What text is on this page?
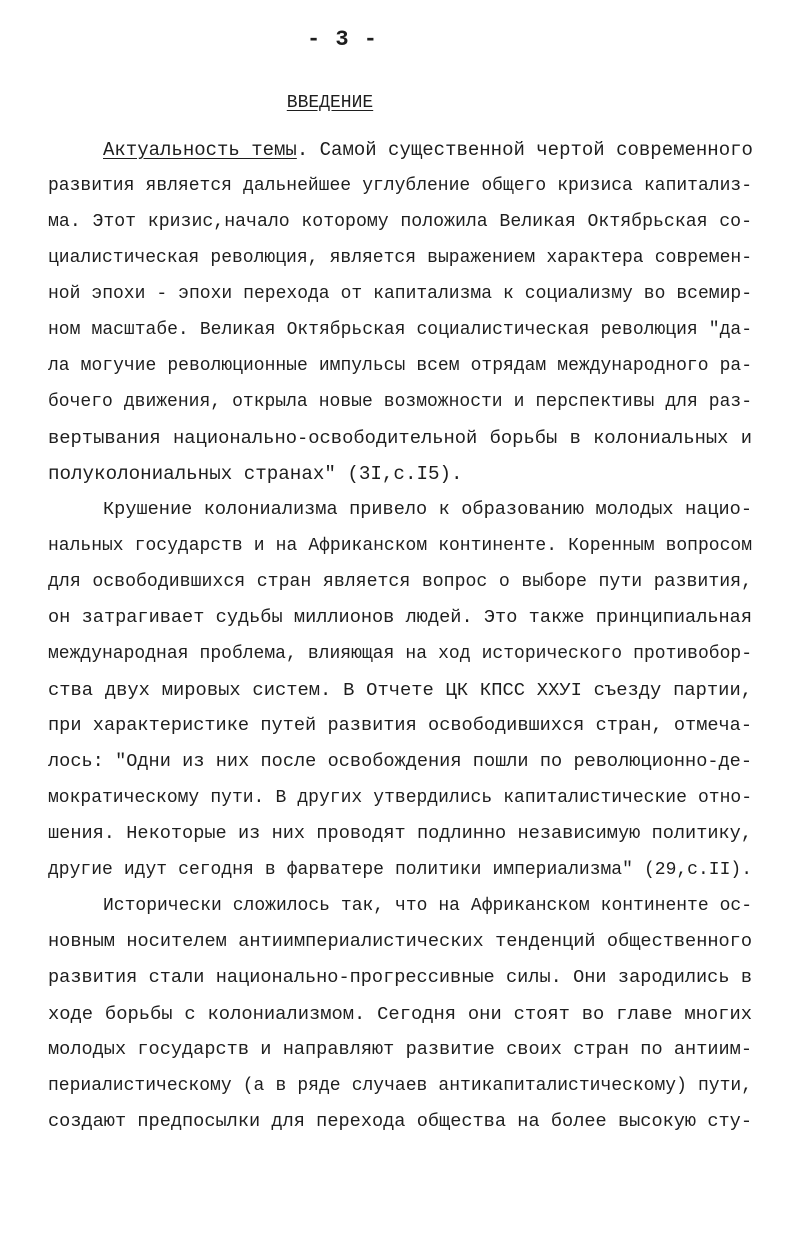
- 3 -
ВВЕДЕНИЕ
Актуальность темы. Самой существенной чертой современного
развития является дальнейшее углубление общего кризиса капитализ-
ма. Этот кризис,начало которому положила Великая Октябрьская со-
циалистическая революция, является выражением характера современ-
ной эпохи - эпохи перехода от капитализма к социализму во всемир-
ном масштабе. Великая Октябрьская социалистическая революция "да-
ла могучие революционные импульсы всем отрядам международного ра-
бочего движения, открыла новые возможности и перспективы для раз-
вертывания национально-освободительной борьбы в колониальных и
полуколониальных странах" (3I,с.I5).
Крушение колониализма привело к образованию молодых нацио-
нальных государств и на Африканском континенте. Коренным вопросом
для освободившихся стран является вопрос о выборе пути развития,
он затрагивает судьбы миллионов людей. Это также принципиальная
международная проблема, влияющая на ход исторического противобор-
ства двух мировых систем. В Отчете ЦК КПСС XXУI съезду партии,
при характеристике путей развития освободившихся стран, отмеча-
лось: "Одни из них после освобождения пошли по революционно-де-
мократическому пути. В других утвердились капиталистические отно-
шения. Некоторые из них проводят подлинно независимую политику,
другие идут сегодня в фарватере политики империализма" (29,с.II).
Исторически сложилось так, что на Африканском континенте ос-
новным носителем антиимпериалистических тенденций общественного
развития стали национально-прогрессивные силы. Они зародились в
ходе борьбы с колониализмом. Сегодня они стоят во главе многих
молодых государств и направляют развитие своих стран по антиим-
периалистическому (а в ряде случаев антикапиталистическому) пути,
создают предпосылки для перехода общества на более высокую сту-
